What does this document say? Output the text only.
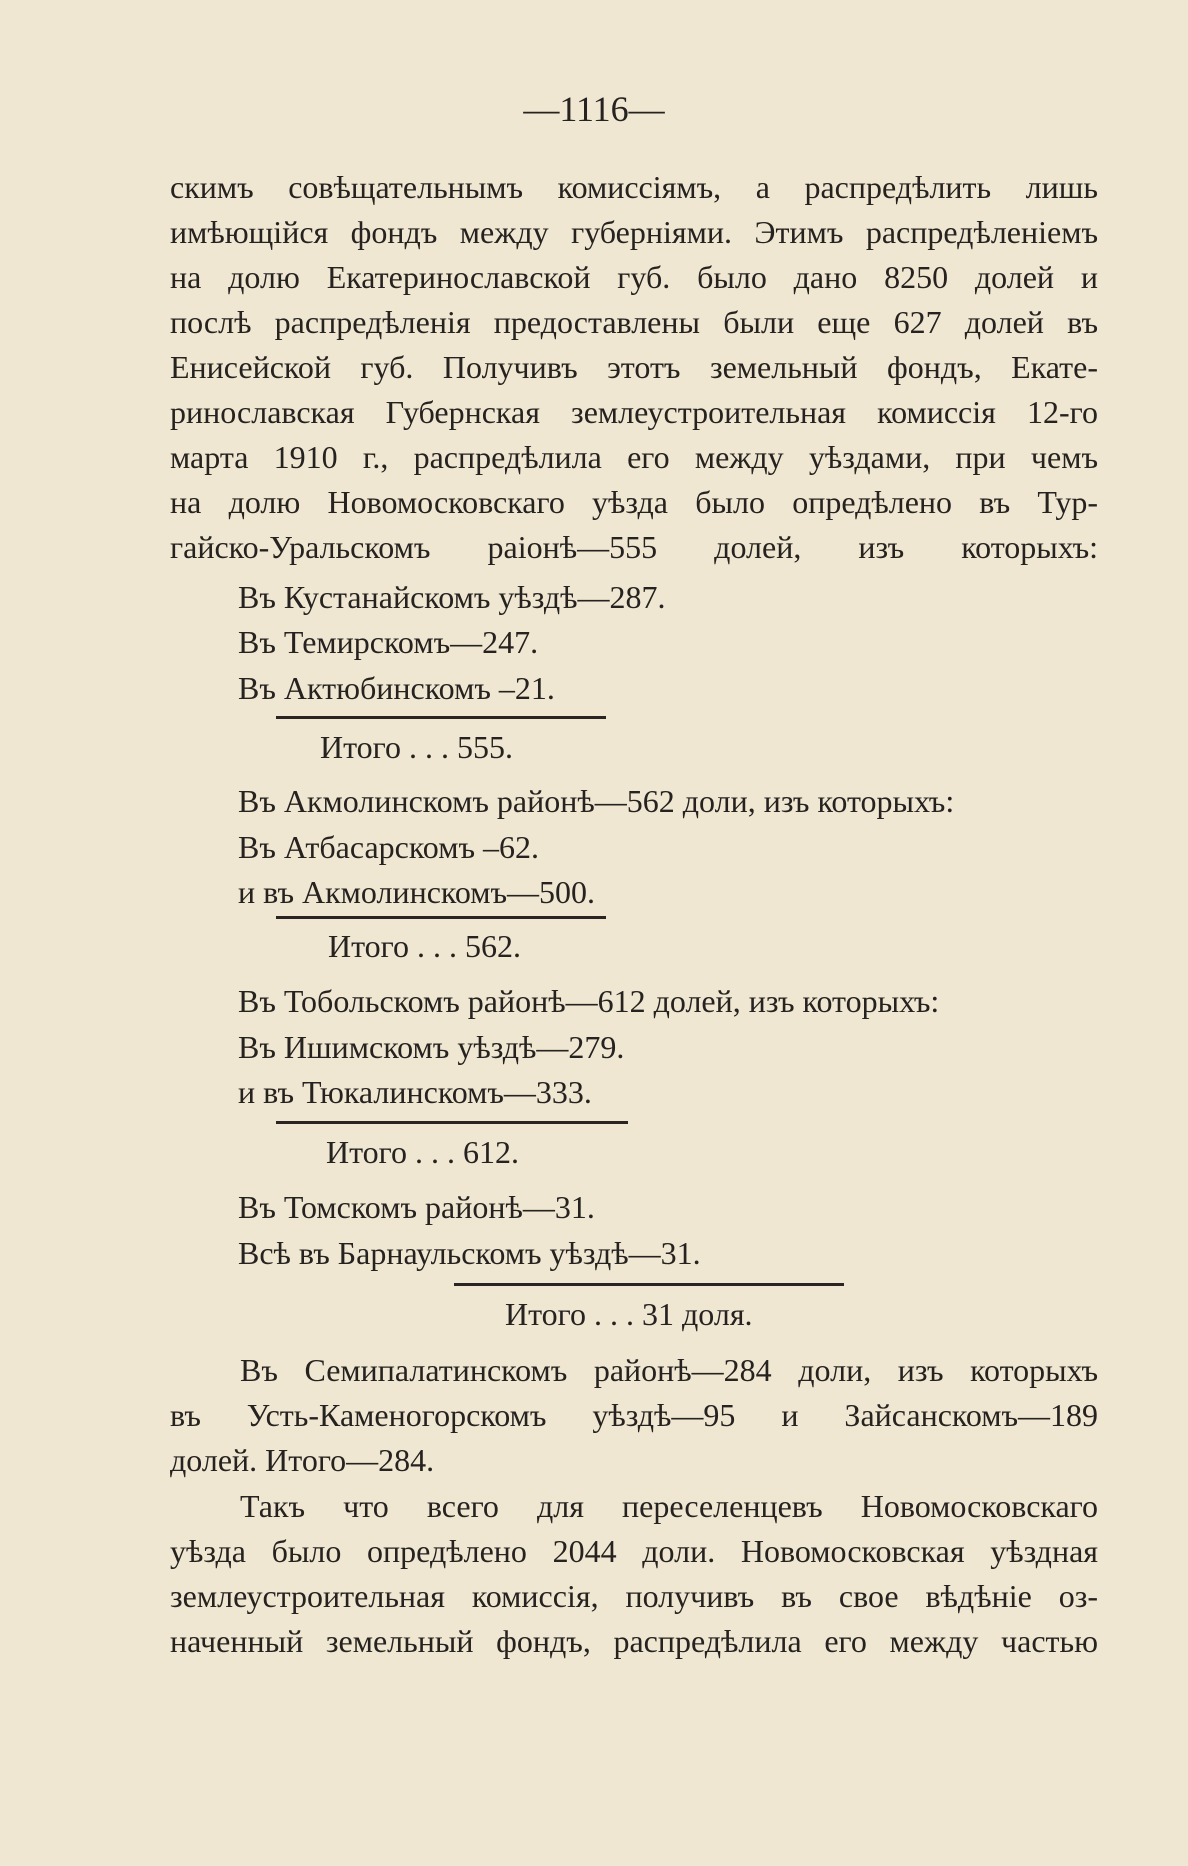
—1116—
скимъ совѣщательнымъ комиссіямъ, а распредѣлить лишь
имѣющійся фондъ между губерніями. Этимъ распредѣленіемъ
на долю Екатеринославской губ. было дано 8250 долей и
послѣ распредѣленія предоставлены были еще 627 долей въ
Енисейской губ. Получивъ этотъ земельный фондъ, Екате-
ринославская Губернская землеустроительная комиссія 12-го
марта 1910 г., распредѣлила его между уѣздами, при чемъ
на долю Новомосковскаго уѣзда было опредѣлено въ Тур-
гайско-Уральскомъ раіонѣ—555 долей, изъ которыхъ:
Въ Кустанайскомъ уѣздѣ—287.
Въ Темирскомъ—247.
Въ Актюбинскомъ –21.
Итого . . . 555.
Въ Акмолинскомъ районѣ—562 доли, изъ которыхъ:
Въ Атбасарскомъ –62.
и въ Акмолинскомъ—500.
Итого . . . 562.
Въ Тобольскомъ районѣ—612 долей, изъ которыхъ:
Въ Ишимскомъ уѣздѣ—279.
и въ Тюкалинскомъ—333.
Итого . . . 612.
Въ Томскомъ районѣ—31.
Всѣ въ Барнаульскомъ уѣздѣ—31.
Итого . . . 31 доля.
Въ Семипалатинскомъ районѣ—284 доли, изъ которыхъ
въ Усть-Каменогорскомъ уѣздѣ—95 и Зайсанскомъ—189
долей. Итого—284.
Такъ что всего для переселенцевъ Новомосковскаго
уѣзда было опредѣлено 2044 доли. Новомосковская уѣздная
землеустроительная комиссія, получивъ въ свое вѣдѣніе оз-
наченный земельный фондъ, распредѣлила его между частью
